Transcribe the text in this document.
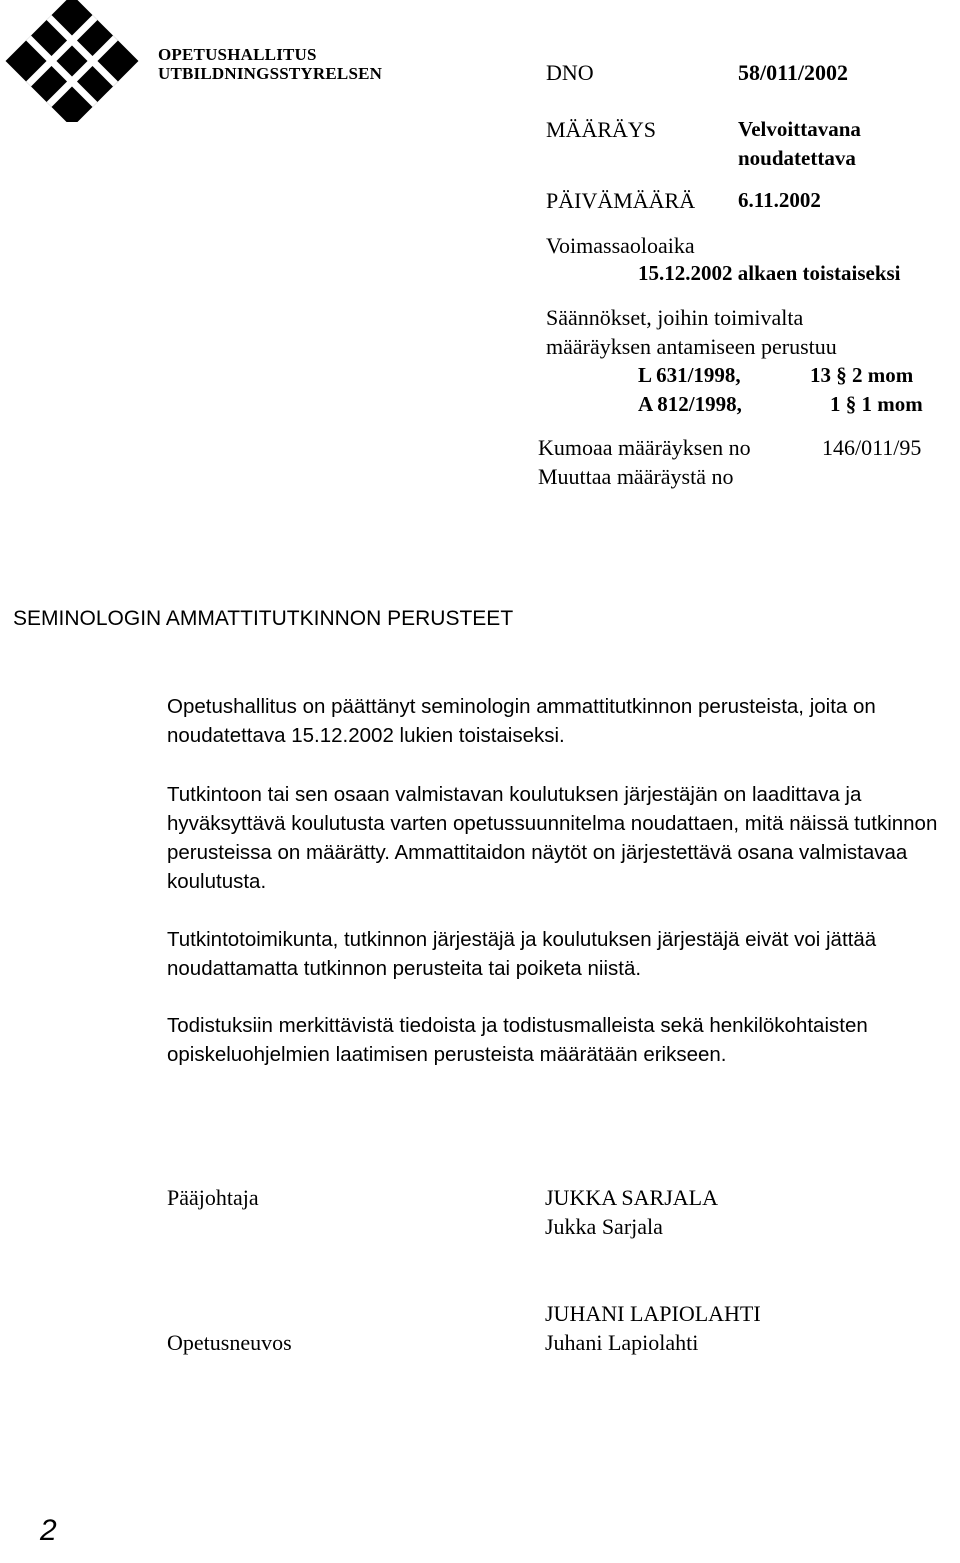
OPETUSHALLITUS
UTBILDNINGSSTYRELSEN	DNO	58/011/2002
MÄÄRÄYS	Velvoittavana
noudatettava
PÄIVÄMÄÄRÄ 6.11.2002
Voimassaoloaika
15.12.2002 alkaen toistaiseksi
Säännökset, joihin toimivalta
määräyksen antamiseen perustuu
L 631/1998,	13 § 2 mom
A 812/1998,	1 § 1 mom
Kumoaa määräyksen no	146/011/95
Muuttaa määräystä no
SEMINOLOGIN AMMATTITUTKINNON PERUSTEET
Opetushallitus on päättänyt seminologin ammattitutkinnon perusteista, joita on noudatettava 15.12.2002 lukien toistaiseksi.
Tutkintoon tai sen osaan valmistavan koulutuksen järjestäjän on laadittava ja hyväksyttävä koulutusta varten opetussuunnitelma noudattaen, mitä näissä tutkinnon perusteissa on määrätty. Ammattitaidon näytöt on järjestettävä osana valmistavaa koulutusta.
Tutkintotoimikunta, tutkinnon järjestäjä ja koulutuksen järjestäjä eivät voi jättää noudattamatta tutkinnon perusteita tai poiketa niistä.
Todistuksiin merkittävistä tiedoista ja todistusmalleista sekä henkilökohtaisten opiskeluohjelmien laatimisen perusteista määrätään erikseen.
Pääjohtaja	JUKKA SARJALA
Jukka Sarjala
JUHANI LAPIOLAHTI
Opetusneuvos	Juhani Lapiolahti
2
